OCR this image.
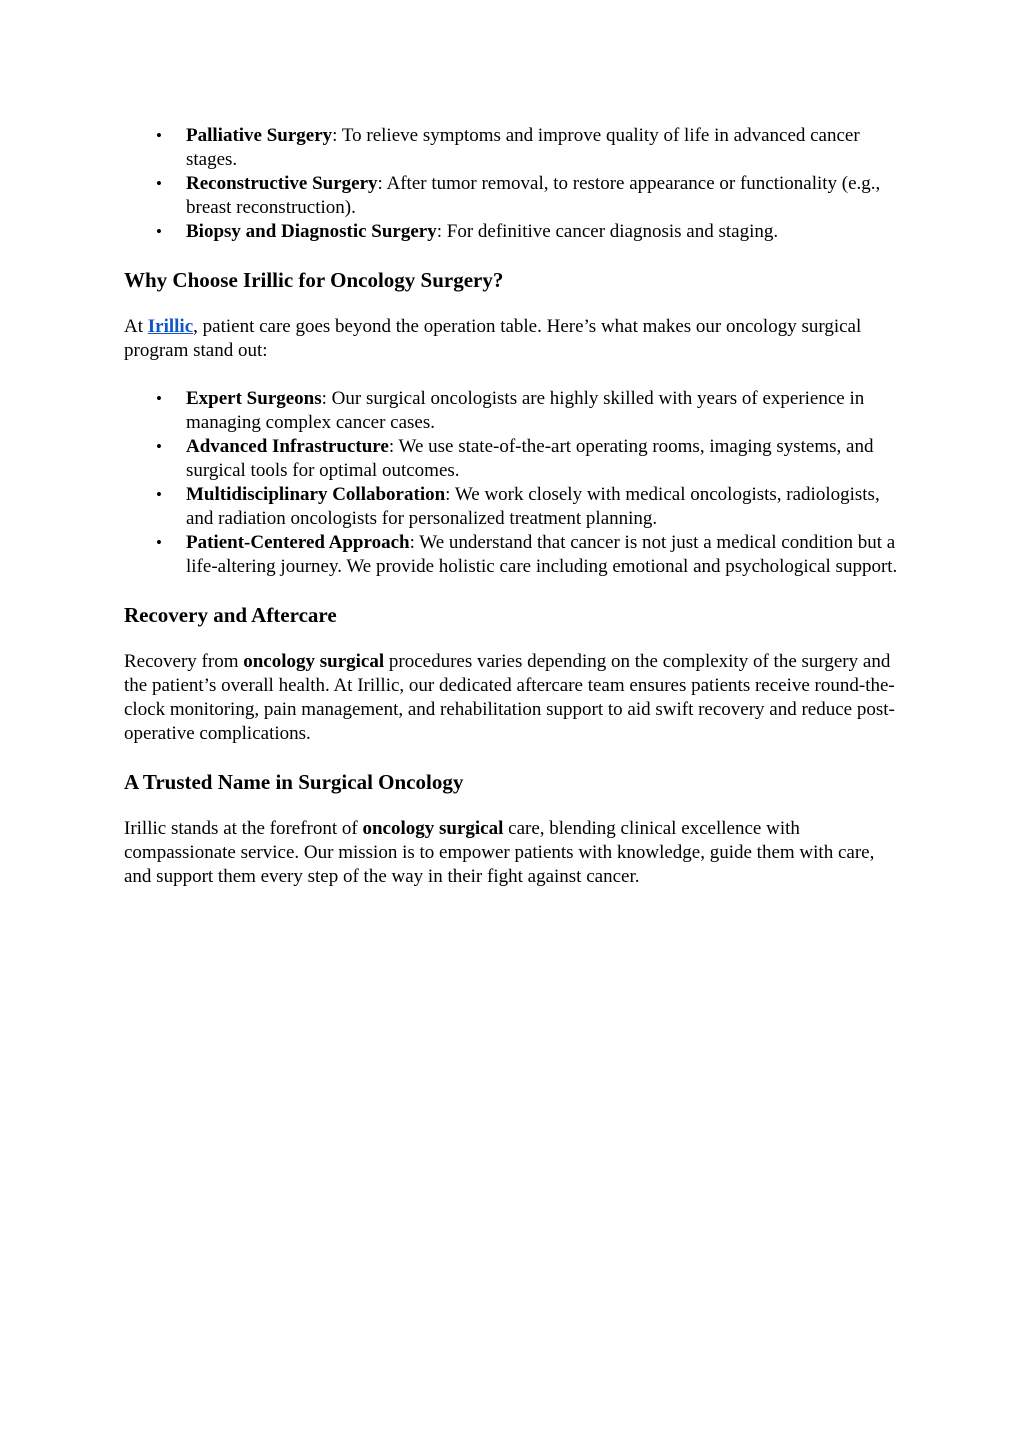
• Palliative Surgery: To relieve symptoms and improve quality of life in advanced cancer stages.
• Reconstructive Surgery: After tumor removal, to restore appearance or functionality (e.g., breast reconstruction).
• Biopsy and Diagnostic Surgery: For definitive cancer diagnosis and staging.
Why Choose Irillic for Oncology Surgery?

At Irillic, patient care goes beyond the operation table. Here’s what makes our oncology surgical program stand out:

• Expert Surgeons: Our surgical oncologists are highly skilled with years of experience in managing complex cancer cases.
• Advanced Infrastructure: We use state-of-the-art operating rooms, imaging systems, and surgical tools for optimal outcomes.
• Multidisciplinary Collaboration: We work closely with medical oncologists, radiologists, and radiation oncologists for personalized treatment planning.
• Patient-Centered Approach: We understand that cancer is not just a medical condition but a life-altering journey. We provide holistic care including emotional and psychological support.
Recovery and Aftercare

Recovery from oncology surgical procedures varies depending on the complexity of the surgery and the patient’s overall health. At Irillic, our dedicated aftercare team ensures patients receive round-the-clock monitoring, pain management, and rehabilitation support to aid swift recovery and reduce post-operative complications.

A Trusted Name in Surgical Oncology

Irillic stands at the forefront of oncology surgical care, blending clinical excellence with compassionate service. Our mission is to empower patients with knowledge, guide them with care, and support them every step of the way in their fight against cancer.
